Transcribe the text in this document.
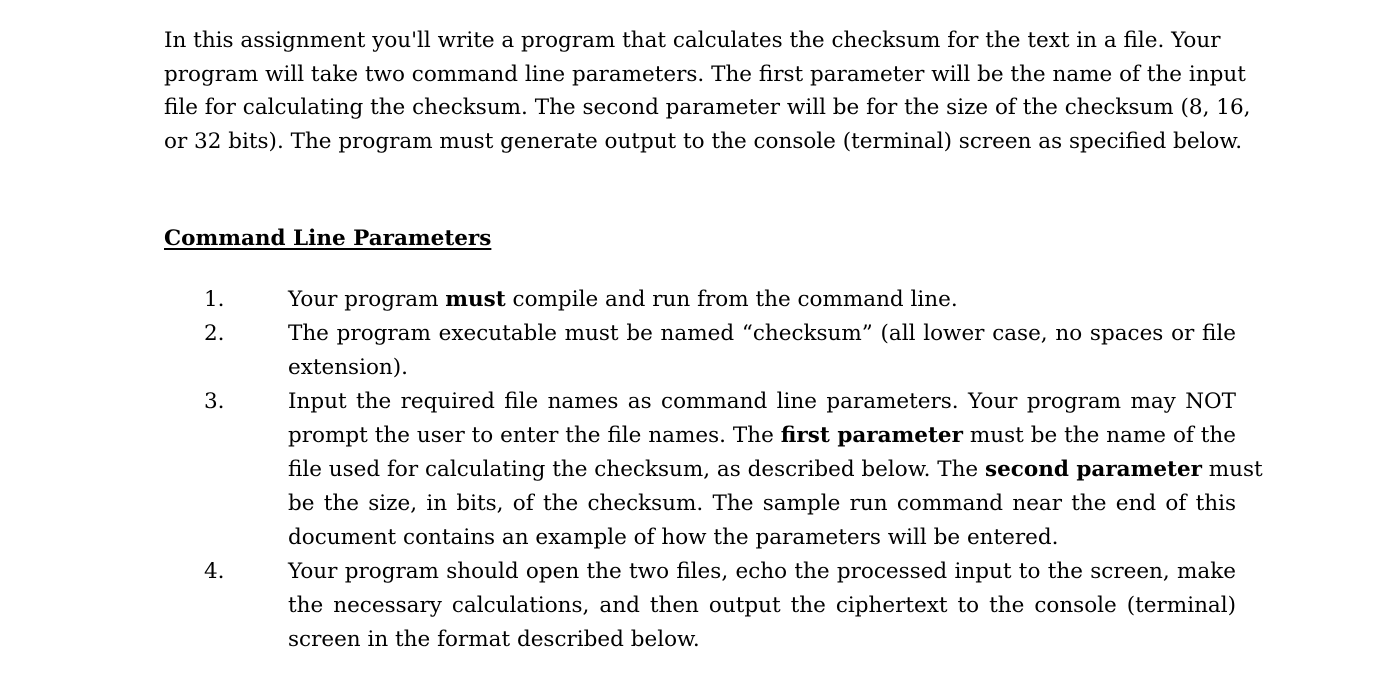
In this assignment you'll write a program that calculates the checksum for the text in a file. Your
program will take two command line parameters. The first parameter will be the name of the input
file for calculating the checksum. The second parameter will be for the size of the checksum (8, 16,
or 32 bits). The program must generate output to the console (terminal) screen as specified below.

Command Line Parameters
1.	Your program must compile and run from the command line.
2.	The program executable must be named “checksum” (all lower case, no spaces or file
extension).
3.	Input the required file names as command line parameters. Your program may NOT
prompt the user to enter the file names. The first parameter must be the name of the
file used for calculating the checksum, as described below. The second parameter must
be the size, in bits, of the checksum. The sample run command near the end of this
document contains an example of how the parameters will be entered.
4.	Your program should open the two files, echo the processed input to the screen, make
the necessary calculations, and then output the ciphertext to the console (terminal)
screen in the format described below.
